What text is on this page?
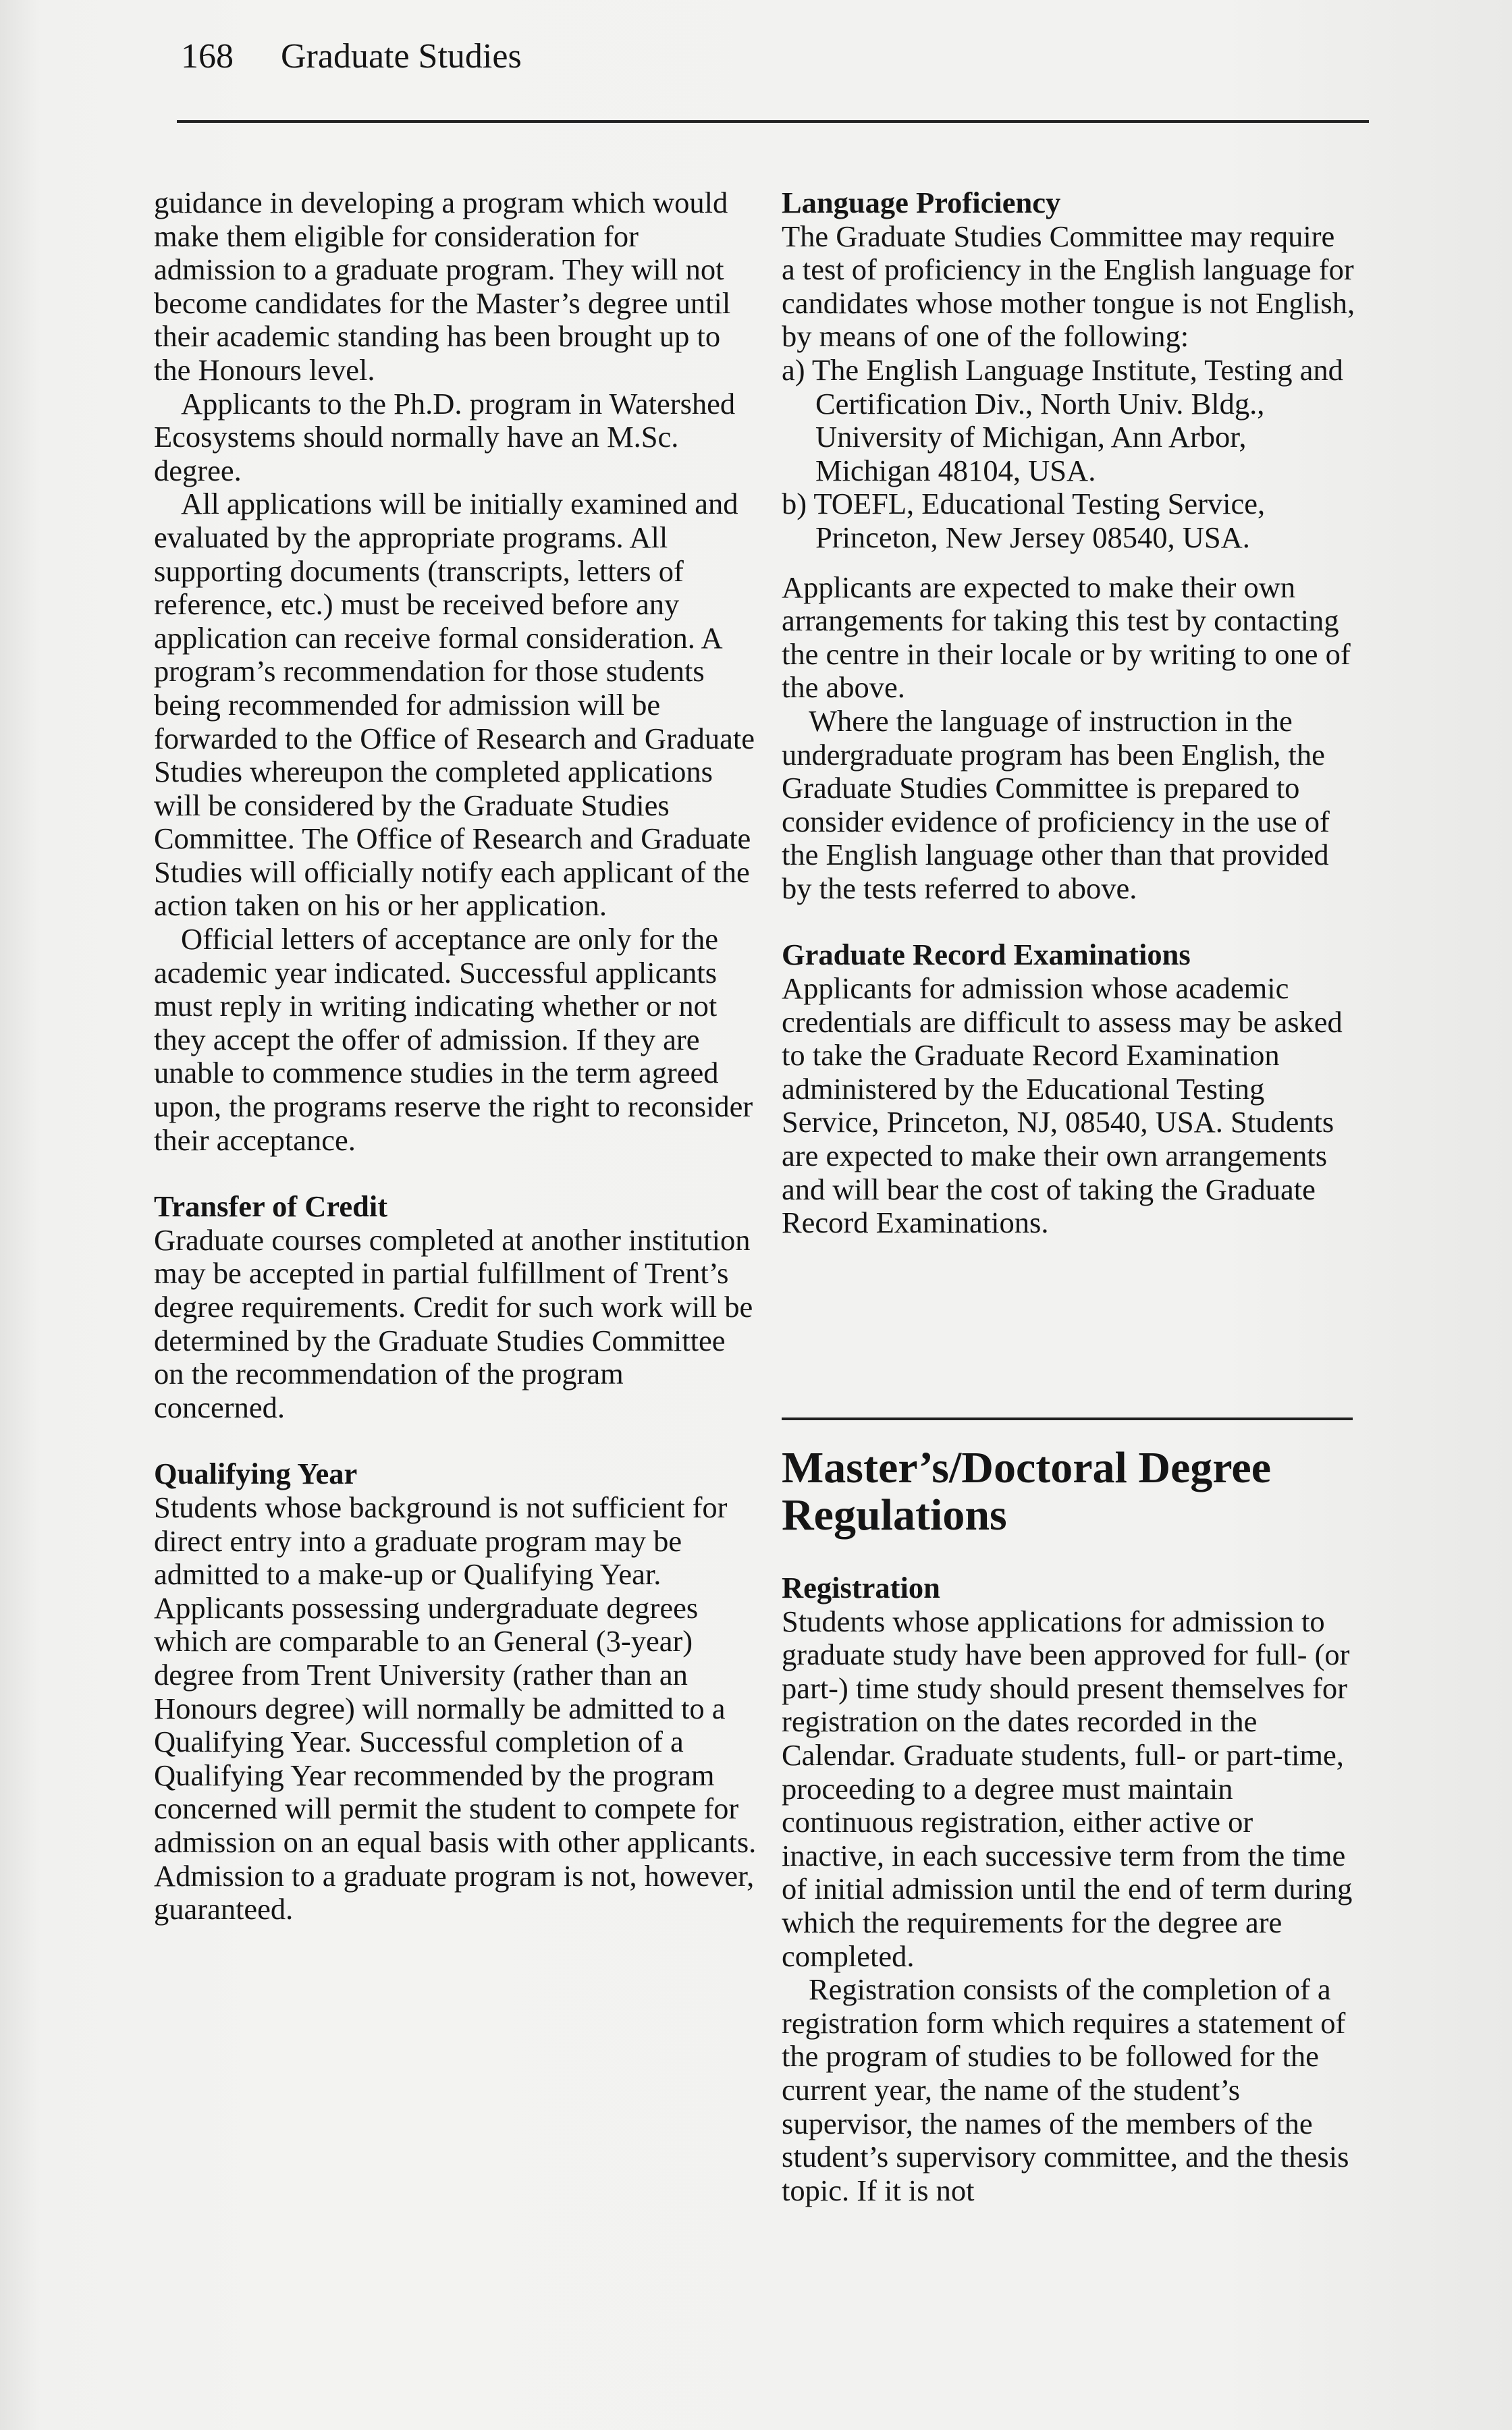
168 Graduate Studies

guidance in developing a program which would make them eligible for consideration for admission to a graduate program. They will not become candidates for the Master’s degree until their academic standing has been brought up to the Honours level.

Applicants to the Ph.D. program in Watershed Ecosystems should normally have an M.Sc. degree.

All applications will be initially examined and evaluated by the appropriate programs. All supporting documents (transcripts, letters of reference, etc.) must be received before any application can receive formal consideration. A program’s recommendation for those students being recommended for admission will be forwarded to the Office of Research and Graduate Studies whereupon the completed applications will be considered by the Graduate Studies Committee. The Office of Research and Graduate Studies will officially notify each applicant of the action taken on his or her application.

Official letters of acceptance are only for the academic year indicated. Successful applicants must reply in writing indicating whether or not they accept the offer of admission. If they are unable to commence studies in the term agreed upon, the programs reserve the right to reconsider their acceptance.

Transfer of Credit

Graduate courses completed at another institution may be accepted in partial fulfillment of Trent’s degree requirements. Credit for such work will be determined by the Graduate Studies Committee on the recommendation of the program concerned.

Qualifying Year

Students whose background is not sufficient for direct entry into a graduate program may be admitted to a make-up or Qualifying Year. Applicants possessing undergraduate degrees which are comparable to an General (3-year) degree from Trent University (rather than an Honours degree) will normally be admitted to a Qualifying Year. Successful completion of a Qualifying Year recommended by the program concerned will permit the student to compete for admission on an equal basis with other applicants. Admission to a graduate program is not, however, guaranteed.

Language Proficiency

The Graduate Studies Committee may require a test of proficiency in the English language for candidates whose mother tongue is not English, by means of one of the following:

a) The English Language Institute, Testing and Certification Div., North Univ. Bldg., University of Michigan, Ann Arbor, Michigan 48104, USA.

b) TOEFL, Educational Testing Service, Princeton, New Jersey 08540, USA.

Applicants are expected to make their own arrangements for taking this test by contacting the centre in their locale or by writing to one of the above.

Where the language of instruction in the undergraduate program has been English, the Graduate Studies Committee is prepared to consider evidence of proficiency in the use of the English language other than that provided by the tests referred to above.

Graduate Record Examinations

Applicants for admission whose academic credentials are difficult to assess may be asked to take the Graduate Record Examination administered by the Educational Testing Service, Princeton, NJ, 08540, USA. Students are expected to make their own arrangements and will bear the cost of taking the Graduate Record Examinations.

Master’s/Doctoral Degree Regulations
Registration

Students whose applications for admission to graduate study have been approved for full- (or part-) time study should present themselves for registration on the dates recorded in the Calendar. Graduate students, full- or part-time, proceeding to a degree must maintain continuous registration, either active or inactive, in each successive term from the time of initial admission until the end of term during which the requirements for the degree are completed.

Registration consists of the completion of a registration form which requires a statement of the program of studies to be followed for the current year, the name of the student’s supervisor, the names of the members of the student’s supervisory committee, and the thesis topic. If it is not
